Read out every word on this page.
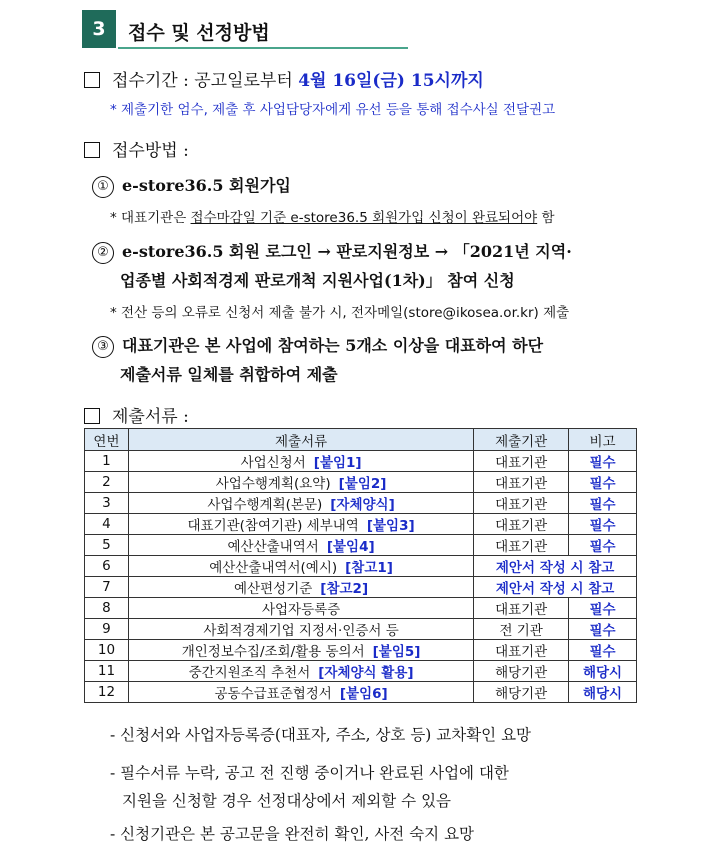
3	접수 및 선정방법
접수기간 : 공고일로부터 4월 16일(금) 15시까지
* 제출기한 엄수, 제출 후 사업담당자에게 유선 등을 통해 접수사실 전달권고
접수방법 :
① e-store36.5 회원가입
* 대표기관은 접수마감일 기준 e-store36.5 회원가입 신청이 완료되어야 함
② e-store36.5 회원 로그인 → 판로지원정보 → 「2021년 지역·
업종별 사회적경제 판로개척 지원사업(1차)」 참여 신청
* 전산 등의 오류로 신청서 제출 불가 시, 전자메일(store@ikosea.or.kr) 제출
③ 대표기관은 본 사업에 참여하는 5개소 이상을 대표하여 하단
제출서류 일체를 취합하여 제출
제출서류 :
연번	제출서류	제출기관	비고
1	사업신청서 [붙임1]	대표기관	필수
2	사업수행계획(요약) [붙임2]	대표기관	필수
3	사업수행계획(본문) [자체양식]	대표기관	필수
4	대표기관(참여기관) 세부내역 [붙임3]	대표기관	필수
5	예산산출내역서 [붙임4]	대표기관	필수
6	예산산출내역서(예시) [참고1]	제안서 작성 시 참고	
7	예산편성기준 [참고2]	제안서 작성 시 참고	
8	사업자등록증	대표기관	필수
9	사회적경제기업 지정서·인증서 등	전 기관	필수
10	개인정보수집/조회/활용 동의서 [붙임5]	대표기관	필수
11	중간지원조직 추천서 [자체양식 활용]	해당기관	해당시
12	공동수급표준협정서 [붙임6]	해당기관	해당시
- 신청서와 사업자등록증(대표자, 주소, 상호 등) 교차확인 요망
- 필수서류 누락, 공고 전 진행 중이거나 완료된 사업에 대한
지원을 신청할 경우 선정대상에서 제외할 수 있음
- 신청기관은 본 공고문을 완전히 확인, 사전 숙지 요망
